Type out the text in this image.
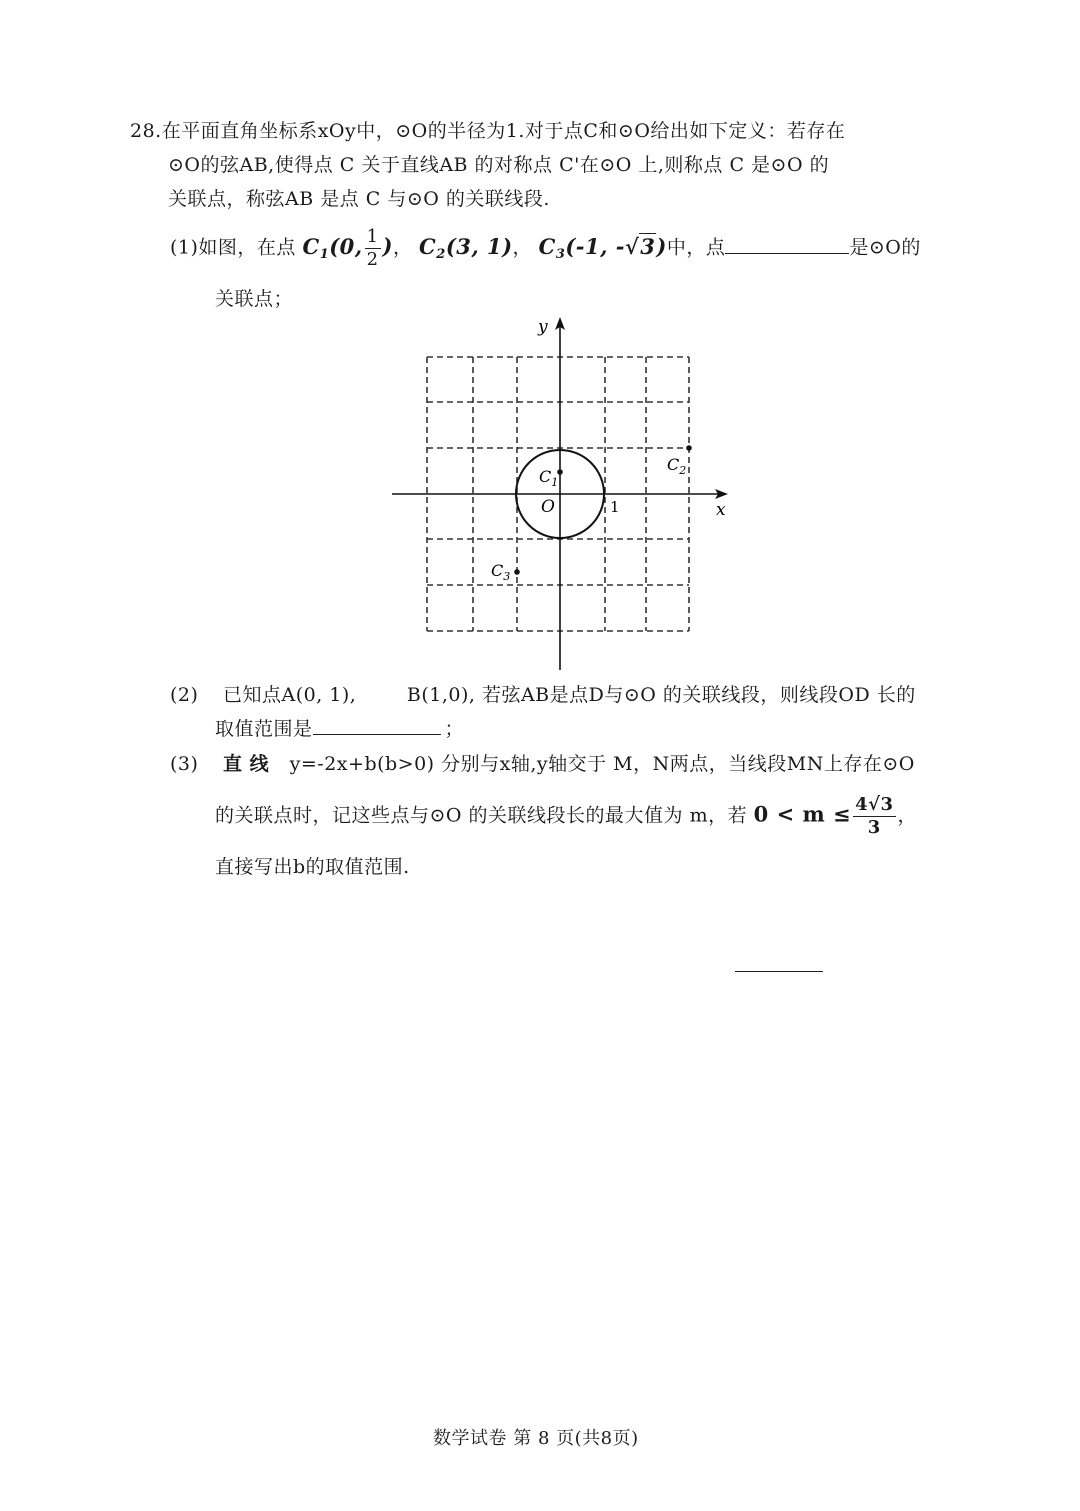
28.在平面直角坐标系xOy中，⊙O的半径为1.对于点C和⊙O给出如下定义：若存在
⊙O的弦AB,使得点 C 关于直线AB 的对称点 C'在⊙O 上,则称点 C 是⊙O 的
关联点，称弦AB 是点 C 与⊙O 的关联线段.
(1)如图，在点 $C_1(0$, $\frac{1}{2}$ )， $C_2(3$, 1)， $C_3(-1$, -√3)中，点	是⊙O的
关联点；
y
x
O	1
$C_1$
$C_2$
$C_3$
(2) 已知点A(0, 1),	B(1,0), 若弦AB是点D与⊙O 的关联线段，则线段OD 长的
取值范围是	；
(3) 直 线 y=-2x+b(b>0) 分别与x轴,y轴交于 M，N两点，当线段MN上存在⊙O
的关联点时，记这些点与⊙O 的关联线段长的最大值为 m，若 $0 < m \le \frac{4√3}{3}$ ，
直接写出b的取值范围.
数学试卷 第 8 页(共8页)
